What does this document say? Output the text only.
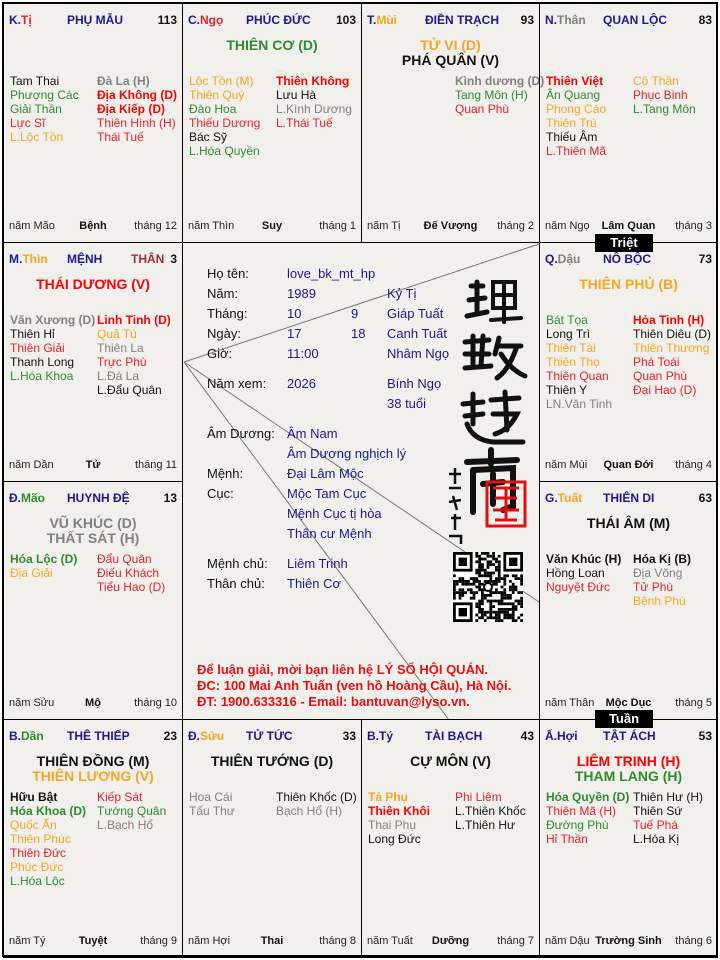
Họ tên:	love_bk_mt_hp
Năm:	1989	Kỷ Tị
Tháng:	10	9 Giáp Tuất
Ngày:	17	18 Canh Tuất
Giờ:	11:00	Nhâm Ngọ
Năm xem: 2026	Bính Ngọ
38 tuổi
Âm Dương: Âm Nam
Âm Dương nghịch lý
Mệnh:	Đại Lâm Mộc
Cục:	Mộc Tam Cục
Mệnh Cục tị hòa
Thân cư Mệnh
Mệnh chủ: Liêm Trinh
Thân chủ: Thiên Cơ
Để luận giải, mời bạn liên hệ LÝ SỐ HỘI QUÁN.
ĐC: 100 Mai Anh Tuấn (ven hồ Hoàng Cầu), Hà Nội.
ĐT: 1900.633316 - Email: bantuvan@lyso.vn.
K.Tị	PHỤ MẪU	113
Tam Thai
Phượng Các
Giải Thần
Lực Sĩ
L.Lộc Tồn
Đà La (H)
Địa Không (D)
Địa Kiếp (D)
Thiên Hình (H)
Thái Tuế
năm Mão	Bệnh	tháng 12
C.Ngọ PHÚC ĐỨC 103
THIÊN CƠ (D)
Lộc Tồn (M)
Thiên Quý
Đào Hoa
Thiếu Dương
Bác Sỹ
L.Hóa Quyền
Thiên Không
Lưu Hà
L.Kình Dương
L.Thái Tuế
năm Thìn	Suy	tháng 1
T.Mùi ĐIỀN TRẠCH 93
TỬ VI (D)
PHÁ QUÂN (V)
Kình dương (D)
Tang Môn (H)
Quan Phù
năm Tị	Đế Vượng	tháng 2
N.Thân QUAN LỘC	83
Thiên Việt
Ân Quang
Phong Cáo
Thiên Trù
Thiếu Âm
L.Thiên Mã
Cô Thần
Phục Binh
L.Tang Môn
năm Ngọ	Lâm Quan	tháng 3
M.Thìn MỆNH THÂN 3
THÁI DƯƠNG (V)
Văn Xương (D)
Thiên Hỉ
Thiên Giải
Thanh Long
L.Hóa Khoa
Linh Tinh (D)
Quả Tú
Thiên La
Trực Phù
L.Đà La
L.Đẩu Quân
năm Dần	Tử	tháng 11
Q.Dậu NÔ BỘC	73
THIÊN PHỦ (B)
Bát Tọa
Long Trì
Thiên Tài
Thiên Thọ
Thiên Quan
Thiên Y
LN.Văn Tinh
Hỏa Tinh (H)
Thiên Diêu (D)
Thiên Thương
Phá Toái
Quan Phù
Đại Hao (D)
năm Mùi	Quan Đới	tháng 4
Đ.Mão HUYNH ĐỆ	13
VŨ KHÚC (D)
THẤT SÁT (H)
Hóa Lộc (D)
Địa Giải
Đẩu Quân
Điếu Khách
Tiểu Hao (D)
năm Sửu	Mộ	tháng 10
G.Tuất THIÊN DI	63
THÁI ÂM (M)
Văn Khúc (H)
Hồng Loan
Nguyệt Đức
Hóa Kị (B)
Địa Võng
Tử Phù
Bệnh Phù
năm Thân	Mộc Dục	tháng 5
B.Dần THÊ THIẾP	23
THIÊN ĐỒNG (M)
THIÊN LƯƠNG (V)
Hữu Bật
Hóa Khoa (D)
Quốc Ấn
Thiên Phúc
Thiên Đức
Phúc Đức
L.Hóa Lộc
Kiếp Sát
Tướng Quân
L.Bạch Hổ
năm Tý	Tuyệt	tháng 9
Đ.Sửu TỬ TỨC	33
THIÊN TƯỚNG (D)
Hoa Cái
Tấu Thư
Thiên Khốc (D)
Bạch Hổ (H)
năm Hợi	Thai	tháng 8
B.Tý	TÀI BẠCH	43
CỰ MÔN (V)
Tả Phụ
Thiên Khôi
Thai Phụ
Long Đức
Phi Liêm
L.Thiên Khốc
L.Thiên Hư
năm Tuất	Dưỡng	tháng 7
Ấ.Hợi TẬT ÁCH	53
LIÊM TRINH (H)
THAM LANG (H)
Hóa Quyền (D)
Thiên Mã (H)
Đường Phù
Hỉ Thần
Thiên Hư (H)
Thiên Sứ
Tuế Phá
L.Hóa Kị
năm Dậu Trường Sinh	tháng 6
Triệt
Tuần
